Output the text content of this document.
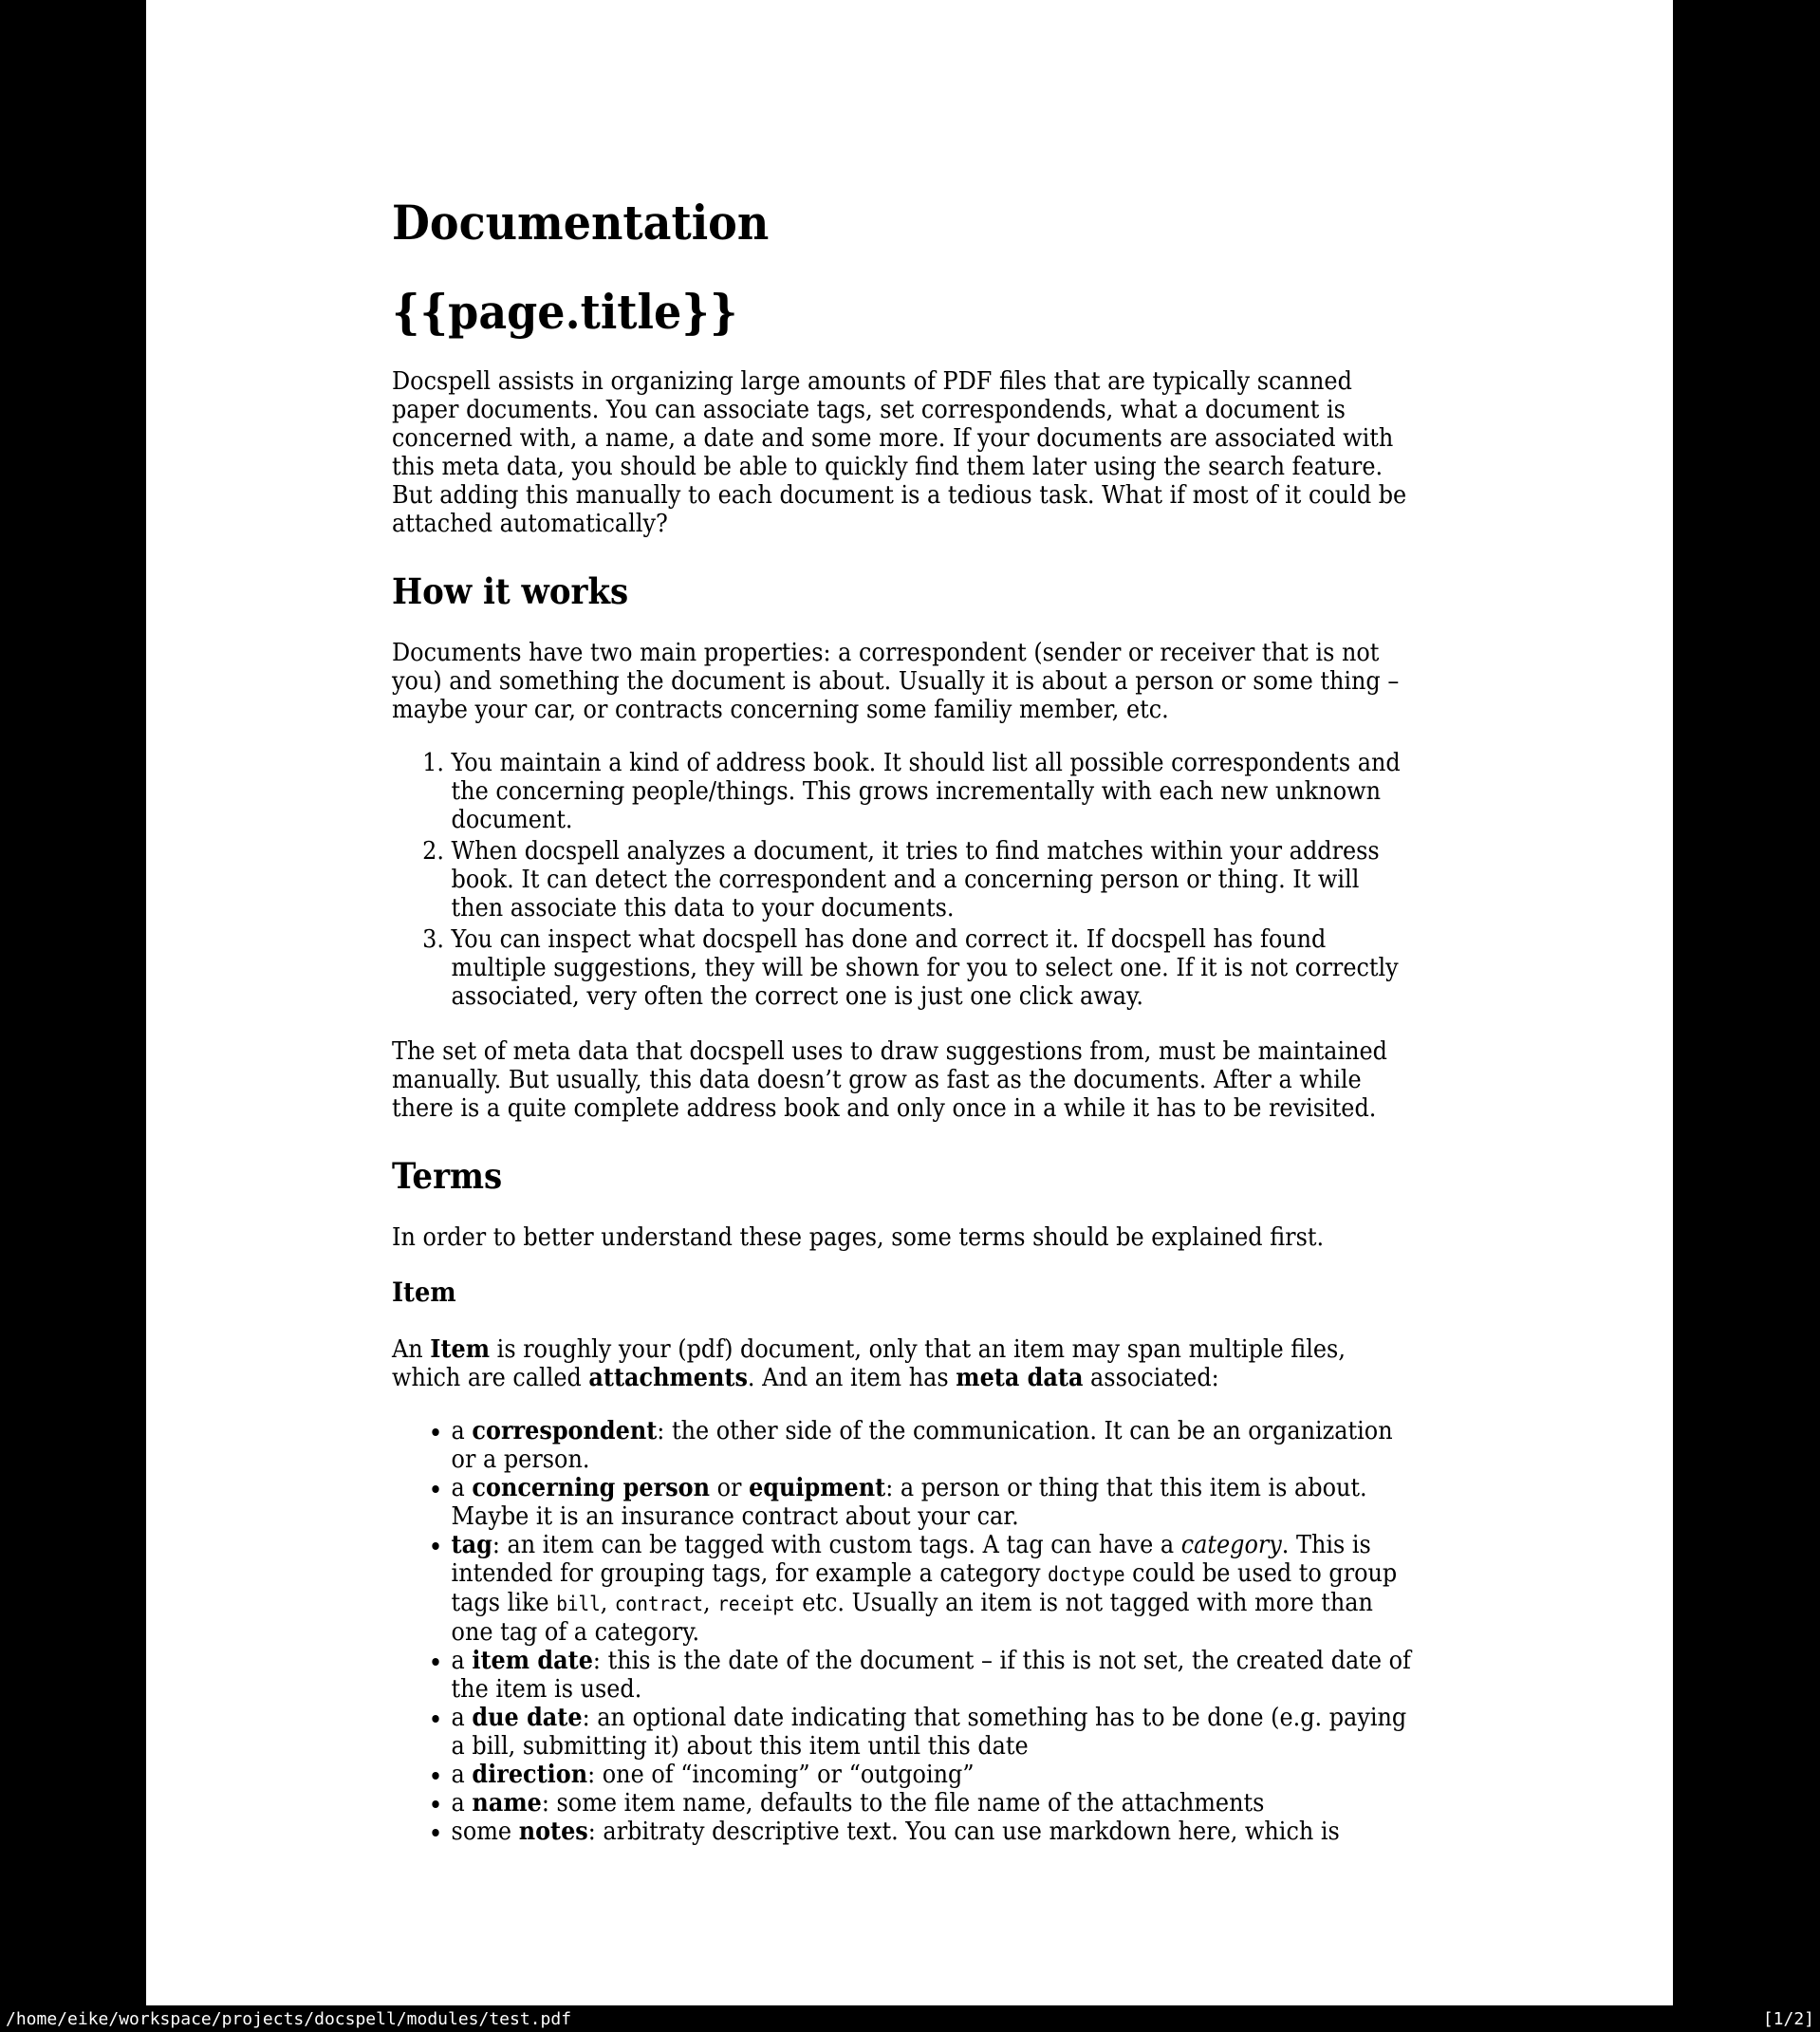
Documentation
{{page.title}}

Docspell assists in organizing large amounts of PDF files that are typically scanned paper documents. You can associate tags, set correspondends, what a document is concerned with, a name, a date and some more. If your documents are associated with this meta data, you should be able to quickly find them later using the search feature. But adding this manually to each document is a tedious task. What if most of it could be attached automatically?

How it works

Documents have two main properties: a correspondent (sender or receiver that is not you) and something the document is about. Usually it is about a person or some thing – maybe your car, or contracts concerning some familiy member, etc.

1. You maintain a kind of address book. It should list all possible correspondents and the concerning people/things. This grows incrementally with each new unknown document.
2. When docspell analyzes a document, it tries to find matches within your address book. It can detect the correspondent and a concerning person or thing. It will then associate this data to your documents.
3. You can inspect what docspell has done and correct it. If docspell has found multiple suggestions, they will be shown for you to select one. If it is not correctly associated, very often the correct one is just one click away.

The set of meta data that docspell uses to draw suggestions from, must be maintained manually. But usually, this data doesn’t grow as fast as the documents. After a while there is a quite complete address book and only once in a while it has to be revisited.

Terms

In order to better understand these pages, some terms should be explained first.

Item

An Item is roughly your (pdf) document, only that an item may span multiple files, which are called attachments. And an item has meta data associated:

• a correspondent: the other side of the communication. It can be an organization or a person.
• a concerning person or equipment: a person or thing that this item is about. Maybe it is an insurance contract about your car.
• tag: an item can be tagged with custom tags. A tag can have a category. This is intended for grouping tags, for example a category doctype could be used to group tags like bill, contract, receipt etc. Usually an item is not tagged with more than one tag of a category.
• a item date: this is the date of the document – if this is not set, the created date of the item is used.
• a due date: an optional date indicating that something has to be done (e.g. paying a bill, submitting it) about this item until this date
• a direction: one of “incoming” or “outgoing”
• a name: some item name, defaults to the file name of the attachments
• some notes: arbitraty descriptive text. You can use markdown here, which is
/home/eike/workspace/projects/docspell/modules/test.pdf	[1/2]
